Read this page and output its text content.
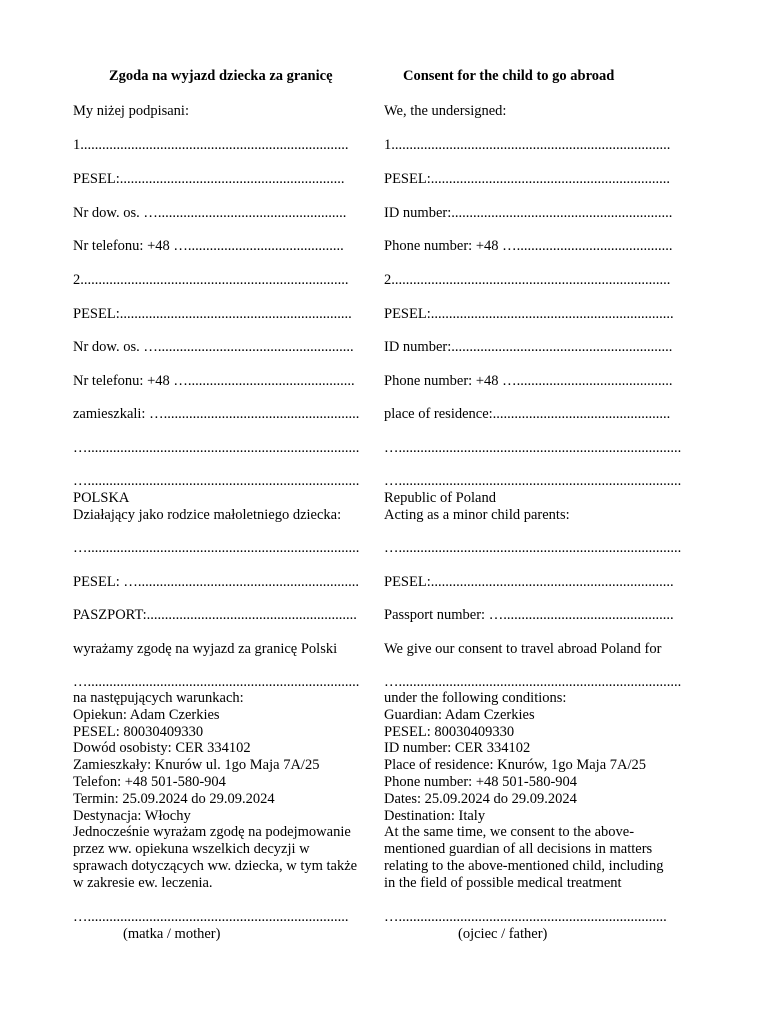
Zgoda na wyjazd dziecka za granicę
My niżej podpisani:
1..........................................................................
PESEL:..............................................................
Nr dow. os. …....................................................
Nr telefonu: +48 …...........................................
2..........................................................................
PESEL:................................................................
Nr dow. os. …......................................................
Nr telefonu: +48 …..............................................
zamieszkali: …......................................................
…...........................................................................
…...........................................................................
POLSKA
Działający jako rodzice małoletniego dziecka:
…...........................................................................
PESEL: ….............................................................
PASZPORT:..........................................................
wyrażamy zgodę na wyjazd za granicę Polski
…...........................................................................
na następujących warunkach:
Opiekun: Adam Czerkies
PESEL: 80030409330
Dowód osobisty: CER 334102
Zamieszkały: Knurów ul. 1go Maja 7A/25
Telefon: +48 501-580-904
Termin: 25.09.2024 do 29.09.2024
Destynacja: Włochy
Jednocześnie wyrażam zgodę na podejmowanie
przez ww. opiekuna wszelkich decyzji w
sprawach dotyczących ww. dziecka, w tym także
w zakresie ew. leczenia.
…........................................................................
(matka / mother)
Consent for the child to go abroad
We, the undersigned:
1.............................................................................
PESEL:..................................................................
ID number:.............................................................
Phone number: +48 …...........................................
2.............................................................................
PESEL:...................................................................
ID number:.............................................................
Phone number: +48 …...........................................
place of residence:.................................................
…..............................................................................
…..............................................................................
Republic of Poland
Acting as a minor child parents:
…..............................................................................
PESEL:...................................................................
Passport number: …...............................................
We give our consent to travel abroad Poland for
…..............................................................................
under the following conditions:
Guardian: Adam Czerkies
PESEL: 80030409330
ID number: CER 334102
Place of residence: Knurów, 1go Maja 7A/25
Phone number: +48 501-580-904
Dates: 25.09.2024 do 29.09.2024
Destination: Italy
At the same time, we consent to the above-
mentioned guardian of all decisions in matters
relating to the above-mentioned child, including
in the field of possible medical treatment
…..........................................................................
(ojciec / father)
